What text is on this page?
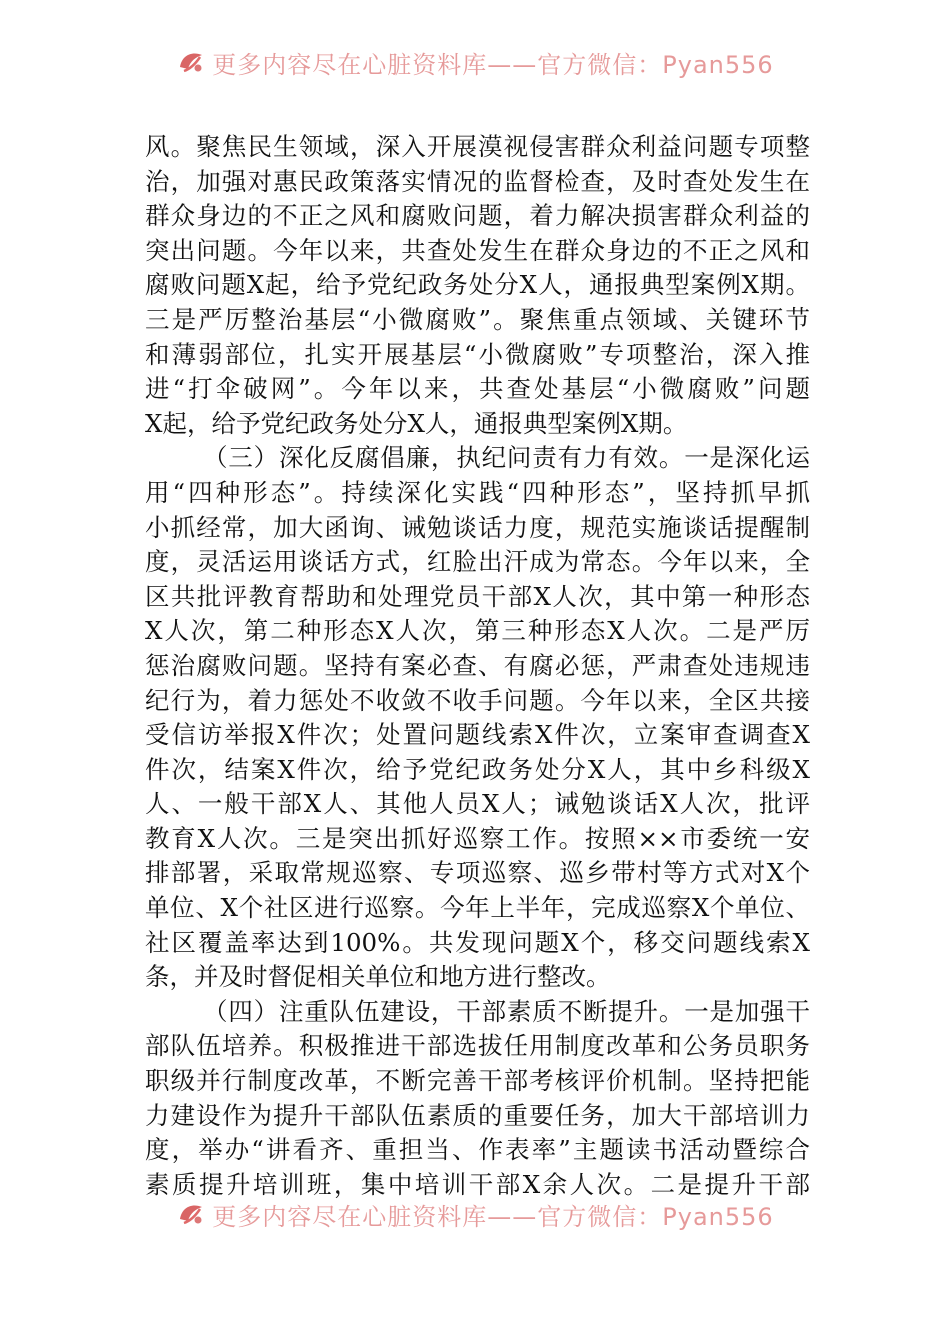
更多内容尽在心脏资料库——官方微信：Pyan556
风。聚焦民生领域，深入开展漠视侵害群众利益问题专项整
治，加强对惠民政策落实情况的监督检查，及时查处发生在
群众身边的不正之风和腐败问题，着力解决损害群众利益的
突出问题。今年以来，共查处发生在群众身边的不正之风和
腐败问题X起，给予党纪政务处分X人，通报典型案例X期。
三是严厉整治基层“小微腐败”。聚焦重点领域、关键环节
和薄弱部位，扎实开展基层“小微腐败”专项整治，深入推
进“打伞破网”。今年以来，共查处基层“小微腐败”问题
X起，给予党纪政务处分X人，通报典型案例X期。
（三）深化反腐倡廉，执纪问责有力有效。一是深化运
用“四种形态”。持续深化实践“四种形态”，坚持抓早抓
小抓经常，加大函询、诫勉谈话力度，规范实施谈话提醒制
度，灵活运用谈话方式，红脸出汗成为常态。今年以来，全
区共批评教育帮助和处理党员干部X人次，其中第一种形态
X人次，第二种形态X人次，第三种形态X人次。二是严厉
惩治腐败问题。坚持有案必查、有腐必惩，严肃查处违规违
纪行为，着力惩处不收敛不收手问题。今年以来，全区共接
受信访举报X件次；处置问题线索X件次，立案审查调查X
件次，结案X件次，给予党纪政务处分X人，其中乡科级X
人、一般干部X人、其他人员X人；诫勉谈话X人次，批评
教育X人次。三是突出抓好巡察工作。按照××市委统一安
排部署，采取常规巡察、专项巡察、巡乡带村等方式对X个
单位、X个社区进行巡察。今年上半年，完成巡察X个单位、
社区覆盖率达到100%。共发现问题X个，移交问题线索X
条，并及时督促相关单位和地方进行整改。
（四）注重队伍建设，干部素质不断提升。一是加强干
部队伍培养。积极推进干部选拔任用制度改革和公务员职务
职级并行制度改革，不断完善干部考核评价机制。坚持把能
力建设作为提升干部队伍素质的重要任务，加大干部培训力
度，举办“讲看齐、重担当、作表率”主题读书活动暨综合
素质提升培训班，集中培训干部X余人次。二是提升干部
更多内容尽在心脏资料库——官方微信：Pyan556
